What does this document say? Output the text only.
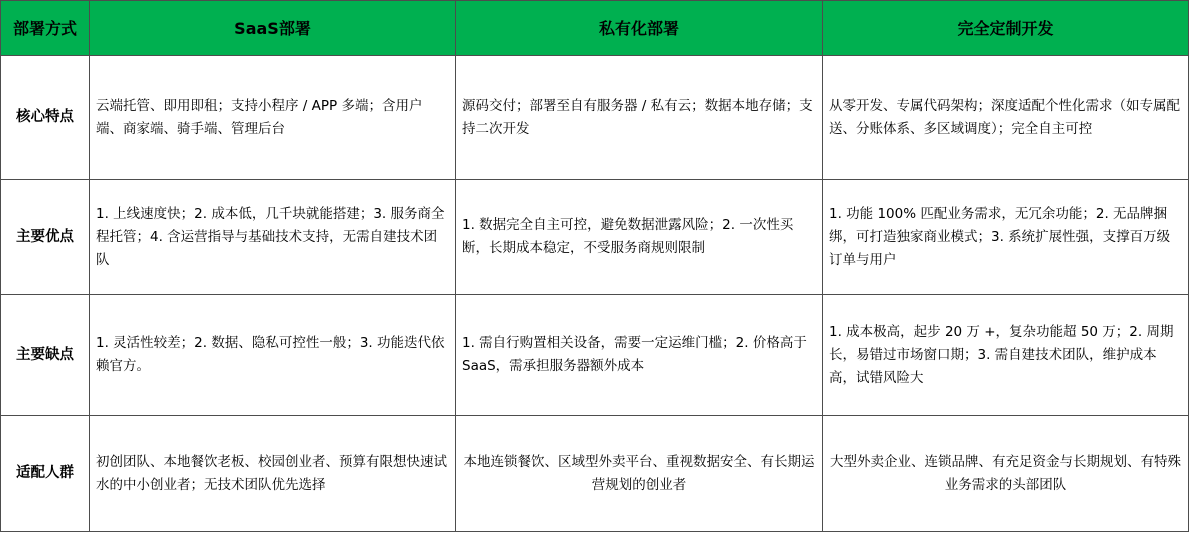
部署方式	SaaS部署	私有化部署	完全定制开发
核心特点	云端托管、即用即租；支持小程序 / APP 多端；含用户端、商家端、骑手端、管理后台	源码交付；部署至自有服务器 / 私有云；数据本地存储；支持二次开发	从零开发、专属代码架构；深度适配个性化需求（如专属配送、分账体系、多区域调度）；完全自主可控
主要优点	1. 上线速度快；2. 成本低，几千块就能搭建；3. 服务商全程托管；4. 含运营指导与基础技术支持，无需自建技术团队	1. 数据完全自主可控，避免数据泄露风险；2. 一次性买断，长期成本稳定，不受服务商规则限制	1. 功能 100% 匹配业务需求，无冗余功能；2. 无品牌捆绑，可打造独家商业模式；3. 系统扩展性强，支撑百万级订单与用户
主要缺点	1. 灵活性较差；2. 数据、隐私可控性一般；3. 功能迭代依赖官方。	1. 需自行购置相关设备，需要一定运维门槛；2. 价格高于 SaaS，需承担服务器额外成本	1. 成本极高，起步 20 万 +，复杂功能超 50 万；2. 周期长，易错过市场窗口期；3. 需自建技术团队，维护成本高，试错风险大
适配人群	初创团队、本地餐饮老板、校园创业者、预算有限想快速试水的中小创业者；无技术团队优先选择	本地连锁餐饮、区域型外卖平台、重视数据安全、有长期运营规划的创业者	大型外卖企业、连锁品牌、有充足资金与长期规划、有特殊业务需求的头部团队
